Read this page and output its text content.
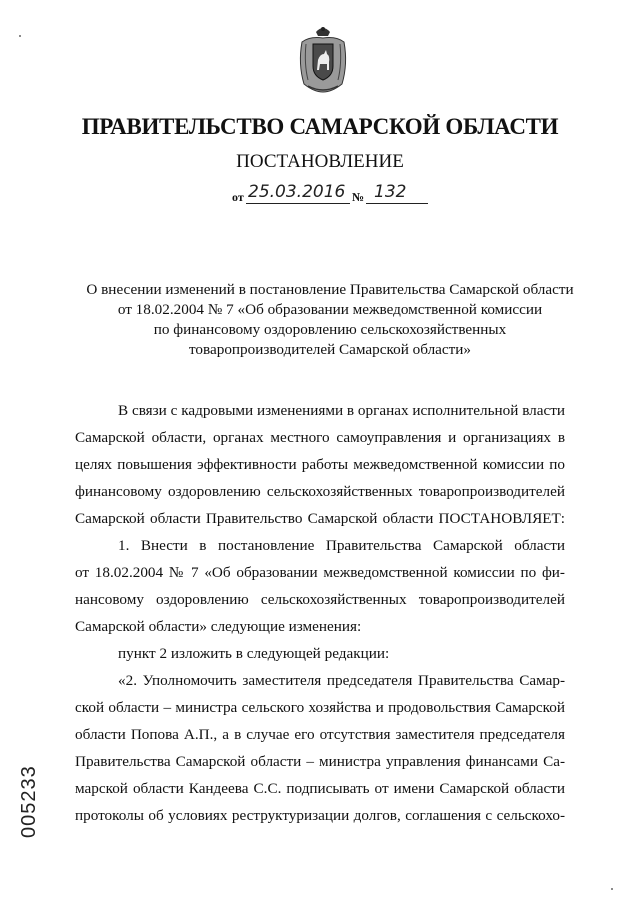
ПРАВИТЕЛЬСТВО САМАРСКОЙ ОБЛАСТИ
ПОСТАНОВЛЕНИЕ
от 25.03.2016 № 132
О внесении изменений в постановление Правительства Самарской области
от 18.02.2004 № 7 «Об образовании межведомственной комиссии
по финансовому оздоровлению сельскохозяйственных
товаропроизводителей Самарской области»
В связи с кадровыми изменениями в органах исполнительной власти
Самарской области, органах местного самоуправления и организациях в
целях повышения эффективности работы межведомственной комиссии по
финансовому оздоровлению сельскохозяйственных товаропроизводителей
Самарской области Правительство Самарской области ПОСТАНОВЛЯЕТ:
1. Внести в постановление Правительства Самарской области
от 18.02.2004 № 7 «Об образовании межведомственной комиссии по фи-
нансовому оздоровлению сельскохозяйственных товаропроизводителей
Самарской области» следующие изменения:
пункт 2 изложить в следующей редакции:
«2. Уполномочить заместителя председателя Правительства Самар-
ской области – министра сельского хозяйства и продовольствия Самарской
области Попова А.П., а в случае его отсутствия заместителя председателя
Правительства Самарской области – министра управления финансами Са-
марской области Кандеева С.С. подписывать от имени Самарской области
протоколы об условиях реструктуризации долгов, соглашения с сельскохо-
005233
